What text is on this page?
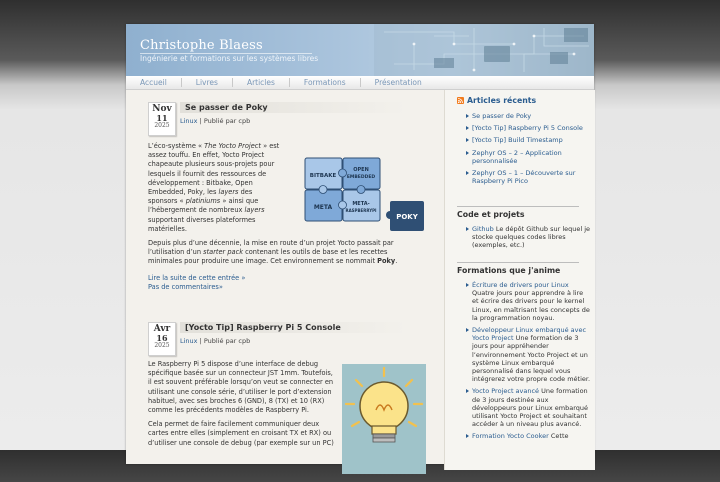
Christophe Blaess
Ingénierie et formations sur les systèmes libres
Accueil	Livres	Articles	Formations	Présentation
Nov
11
2025
Se passer de Poky
Linux | Publié par cpb

L’éco-système « The Yocto Project » est assez touffu. En effet, Yocto Project chapeaute plusieurs sous-projets pour lesquels il fournit des ressources de développement : Bitbake, Open Embedded, Poky, les layers des sponsors « platiniums » ainsi que l’hébergement de nombreux layers supportant diverses plateformes matérielles.

Depuis plus d’une décennie, la mise en route d’un projet Yocto passait par l’utilisation d’un starter pack contenant les outils de base et les recettes minimales pour produire une image. Cet environnement se nommait Poky.

Lire la suite de cette entrée »
Pas de commentaires»
BITBAKE
OPEN
EMBEDDED
META	META-
RASPBERRYPI
POKY
Avr
16
2025
[Yocto Tip] Raspberry Pi 5 Console
Linux | Publié par cpb

Le Raspberry Pi 5 dispose d’une interface de debug spécifique basée sur un connecteur JST 1mm. Toutefois, il est souvent préférable lorsqu’on veut se connecter en utilisant une console série, d’utiliser le port d’extension habituel, avec ses broches 6 (GND), 8 (TX) et 10 (RX) comme les précédents modèles de Raspberry Pi.

Cela permet de faire facilement communiquer deux cartes entre elles (simplement en croisant TX et RX) ou d’utiliser une console de debug (par exemple sur un PC)

Articles récents
Se passer de Poky
[Yocto Tip] Raspberry Pi 5 Console
[Yocto Tip] Build Timestamp
Zephyr OS – 2 – Application personnalisée
Zephyr OS – 1 – Découverte sur Raspberry Pi Pico
Code et projets
Github Le dépôt Github sur lequel je stocke quelques codes libres (exemples, etc.)
Formations que j'anime
Écriture de drivers pour Linux Quatre jours pour apprendre à lire et écrire des drivers pour le kernel Linux, en maîtrisant les concepts de la programmation noyau.
Développeur Linux embarqué avec Yocto Project Une formation de 3 jours pour appréhender l’environnement Yocto Project et un système Linux embarqué personnalisé dans lequel vous intégrerez votre propre code métier.
Yocto Project avancé Une formation de 3 jours destinée aux développeurs pour Linux embarqué utilisant Yocto Project et souhaitant accéder à un niveau plus avancé.
Formation Yocto Cooker Cette
